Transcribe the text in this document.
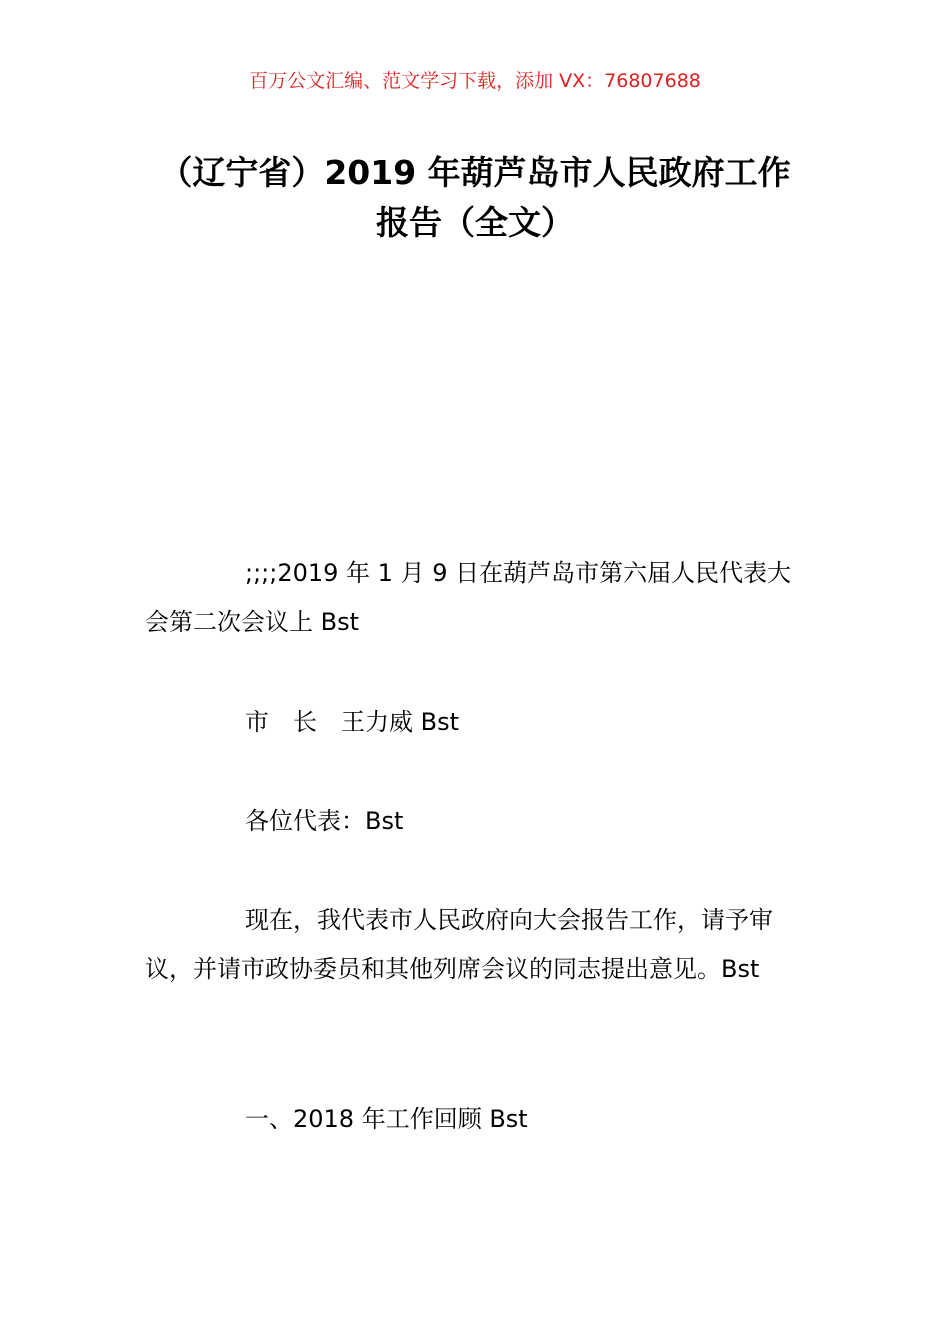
百万公文汇编、范文学习下载，添加 VX：76807688
（辽宁省）2019 年葫芦岛市人民政府工作报告（全文）

;;;;2019 年 1 月 9 日在葫芦岛市第六届人民代表大会第二次会议上 Bst

市　长　王力威 Bst

各位代表：Bst

现在，我代表市人民政府向大会报告工作，请予审议，并请市政协委员和其他列席会议的同志提出意见。Bst

一、2018 年工作回顾 Bst
